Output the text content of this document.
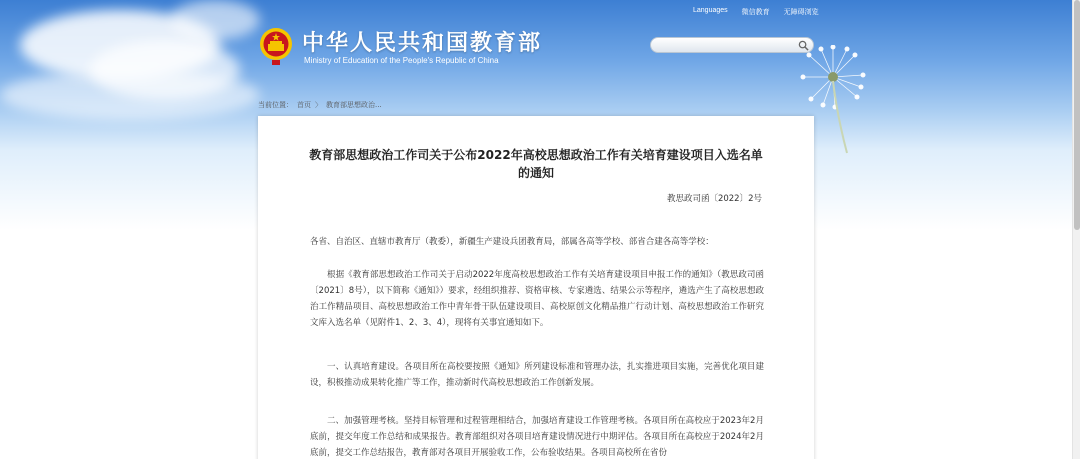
中华人民共和国教育部
Ministry of Education of the People's Republic of China
Languages 微信教育 无障碍浏览
当前位置： 首页 〉 教育部思想政治...
教育部思想政治工作司关于公布2022年高校思想政治工作有关培育建设项目入选名单的通知
教思政司函〔2022〕2号
各省、自治区、直辖市教育厅（教委），新疆生产建设兵团教育局，部属各高等学校、部省合建各高等学校：
根据《教育部思想政治工作司关于启动2022年度高校思想政治工作有关培育建设项目申报工作的通知》（教思政司函〔2021〕8号），以下简称《通知》）要求，经组织推荐、资格审核、专家遴选、结果公示等程序，遴选产生了高校思想政治工作精品项目、高校思想政治工作中青年骨干队伍建设项目、高校原创文化精品推广行动计划、高校思想政治工作研究文库入选名单（见附件1、2、3、4），现将有关事宜通知如下。
一、认真培育建设。各项目所在高校要按照《通知》所列建设标准和管理办法，扎实推进项目实施，完善优化项目建设，积极推动成果转化推广等工作，推动新时代高校思想政治工作创新发展。
二、加强管理考核。坚持目标管理和过程管理相结合，加强培育建设工作管理考核。各项目所在高校应于2023年2月底前，提交年度工作总结和成果报告。教育部组织对各项目培育建设情况进行中期评估。各项目所在高校应于2024年2月底前，提交工作总结报告，教育部对各项目开展验收工作，公布验收结果。各项目高校所在省份
